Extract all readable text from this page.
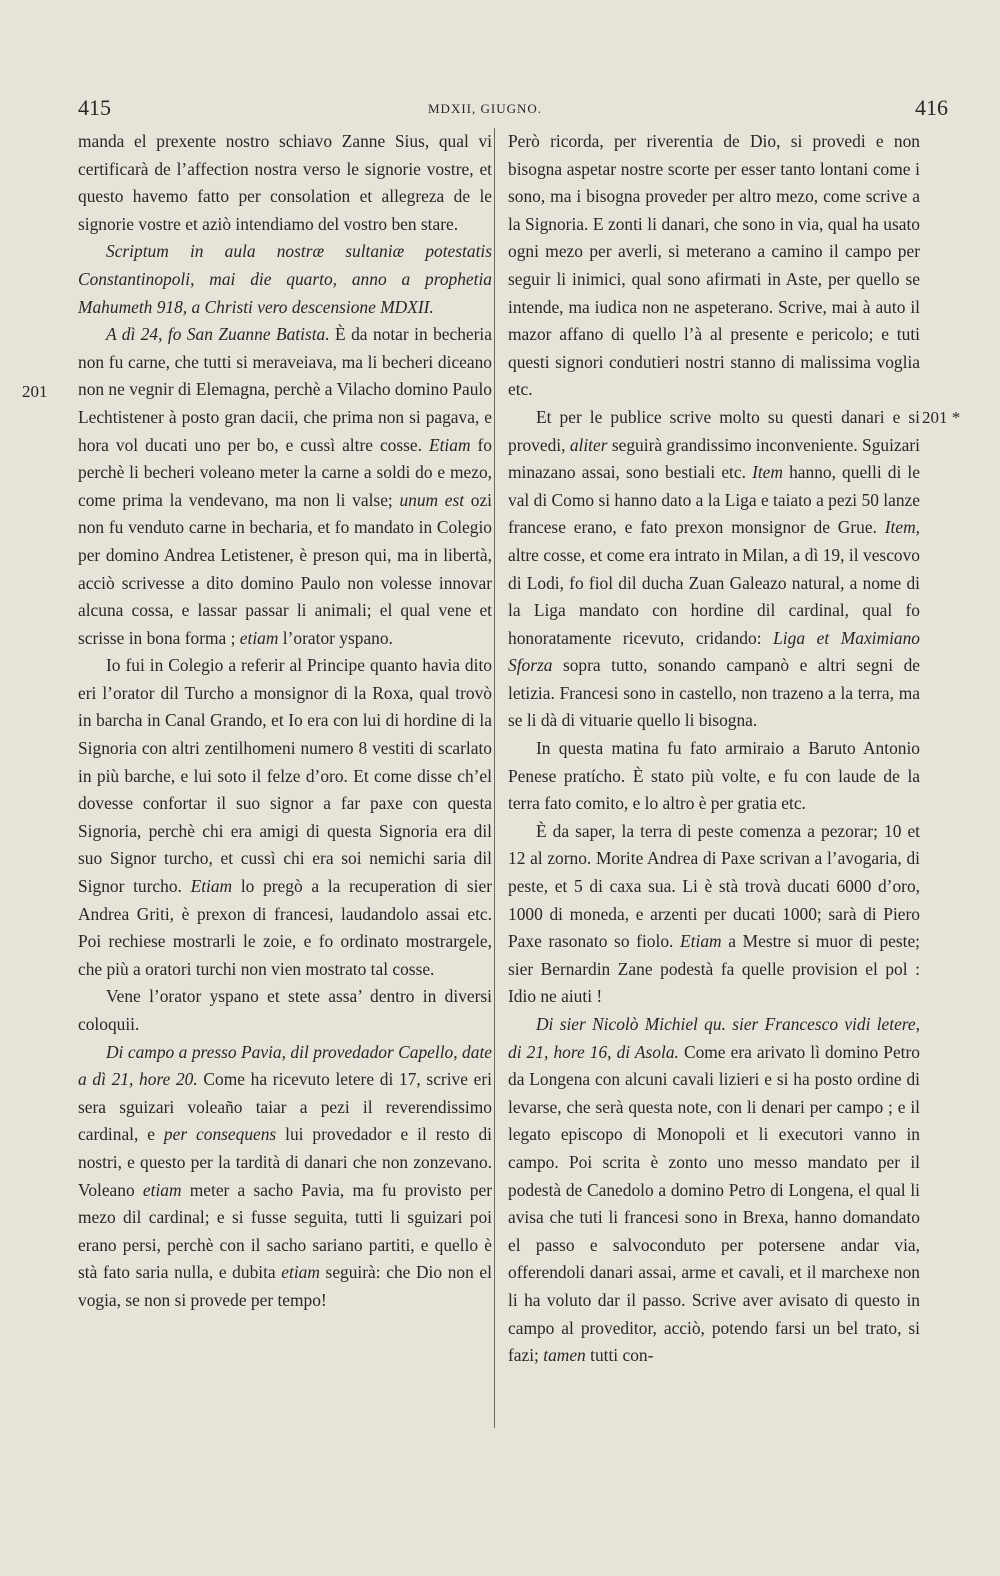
415	MDXII, GIUGNO.	416
201
201 *

manda el prexente nostro schiavo Zanne Sius, qual vi certificarà de l’affection nostra verso le signorie vostre, et questo havemo fatto per consolation et allegreza de le signorie vostre et aziò intendiamo del vostro ben stare.

Scriptum in aula nostræ sultaniæ potestatis Constantinopoli, mai die quarto, anno a prophetia Mahumeth 918, a Christi vero descensione MDXII.

A dì 24, fo San Zuanne Batista. È da notar in becheria non fu carne, che tutti si meraveiava, ma li becheri diceano non ne vegnir di Elemagna, perchè a Vilacho domino Paulo Lechtistener à posto gran dacii, che prima non si pagava, e hora vol ducati uno per bo, e cussì altre cosse. Etiam fo perchè li becheri voleano meter la carne a soldi do e mezo, come prima la vendevano, ma non li valse; unum est ozi non fu venduto carne in becharia, et fo mandato in Colegio per domino Andrea Letistener, è preson qui, ma in libertà, acciò scrivesse a dito domino Paulo non volesse innovar alcuna cossa, e lassar passar li animali; el qual vene et scrisse in bona forma ; etiam l’orator yspano.

Io fui in Colegio a referir al Principe quanto havia dito eri l’orator dil Turcho a monsignor di la Roxa, qual trovò in barcha in Canal Grando, et Io era con lui di hordine di la Signoria con altri zentilhomeni numero 8 vestiti di scarlato in più barche, e lui soto il felze d’oro. Et come disse ch’el dovesse confortar il suo signor a far paxe con questa Signoria, perchè chi era amigi di questa Signoria era dil suo Signor turcho, et cussì chi era soi nemichi saria dil Signor turcho. Etiam lo pregò a la recuperation di sier Andrea Griti, è prexon di francesi, laudandolo assai etc. Poi rechiese mostrarli le zoie, e fo ordinato mostrargele, che più a oratori turchi non vien mostrato tal cosse.

Vene l’orator yspano et stete assa’ dentro in diversi coloquii.

Di campo a presso Pavia, dil provedador Capello, date a dì 21, hore 20. Come ha ricevuto letere di 17, scrive eri sera sguizari voleaño taiar a pezi il reverendissimo cardinal, e per consequens lui provedador e il resto di nostri, e questo per la tardità di danari che non zonzevano. Voleano etiam meter a sacho Pavia, ma fu provisto per mezo dil cardinal; e si fusse seguita, tutti li sguizari poi erano persi, perchè con il sacho sariano partiti, e quello è stà fato saria nulla, e dubita etiam seguirà: che Dio non el vogia, se non si provede per tempo!

Però ricorda, per riverentia de Dio, si provedi e non bisogna aspetar nostre scorte per esser tanto lontani come i sono, ma i bisogna proveder per altro mezo, come scrive a la Signoria. E zonti li danari, che sono in via, qual ha usato ogni mezo per averli, si meterano a camino il campo per seguir li inimici, qual sono afirmati in Aste, per quello se intende, ma iudica non ne aspeterano. Scrive, mai à auto il mazor affano di quello l’à al presente e pericolo; e tuti questi signori condutieri nostri stanno di malissima voglia etc.

Et per le publice scrive molto su questi danari e si provedi, aliter seguirà grandissimo inconveniente. Sguizari minazano assai, sono bestiali etc. Item hanno, quelli di le val di Como si hanno dato a la Liga e taiato a pezi 50 lanze francese erano, e fato prexon monsignor de Grue. Item, altre cosse, et come era intrato in Milan, a dì 19, il vescovo di Lodi, fo fiol dil ducha Zuan Galeazo natural, a nome di la Liga mandato con hordine dil cardinal, qual fo honoratamente ricevuto, cridando: Liga et Maximiano Sforza sopra tutto, sonando campanò e altri segni de letizia. Francesi sono in castello, non trazeno a la terra, ma se li dà di vituarie quello li bisogna.

In questa matina fu fato armiraio a Baruto Antonio Penese pratícho. È stato più volte, e fu con laude de la terra fato comito, e lo altro è per gratia etc.

È da saper, la terra di peste comenza a pezorar; 10 et 12 al zorno. Morite Andrea di Paxe scrivan a l’avogaria, di peste, et 5 di caxa sua. Li è stà trovà ducati 6000 d’oro, 1000 di moneda, e arzenti per ducati 1000; sarà di Piero Paxe rasonato so fiolo. Etiam a Mestre si muor di peste; sier Bernardin Zane podestà fa quelle provision el pol : Idio ne aiuti !

Di sier Nicolò Michiel qu. sier Francesco vidi letere, di 21, hore 16, di Asola. Come era arivato lì domino Petro da Longena con alcuni cavali lizieri e si ha posto ordine di levarse, che serà questa note, con li denari per campo ; e il legato episcopo di Monopoli et li executori vanno in campo. Poi scrita è zonto uno messo mandato per il podestà de Canedolo a domino Petro di Longena, el qual li avisa che tuti li francesi sono in Brexa, hanno domandato el passo e salvoconduto per potersene andar via, offerendoli danari assai, arme et cavali, et il marchexe non li ha voluto dar il passo. Scrive aver avisato di questo in campo al proveditor, acciò, potendo farsi un bel trato, si fazi; tamen tutti con-
